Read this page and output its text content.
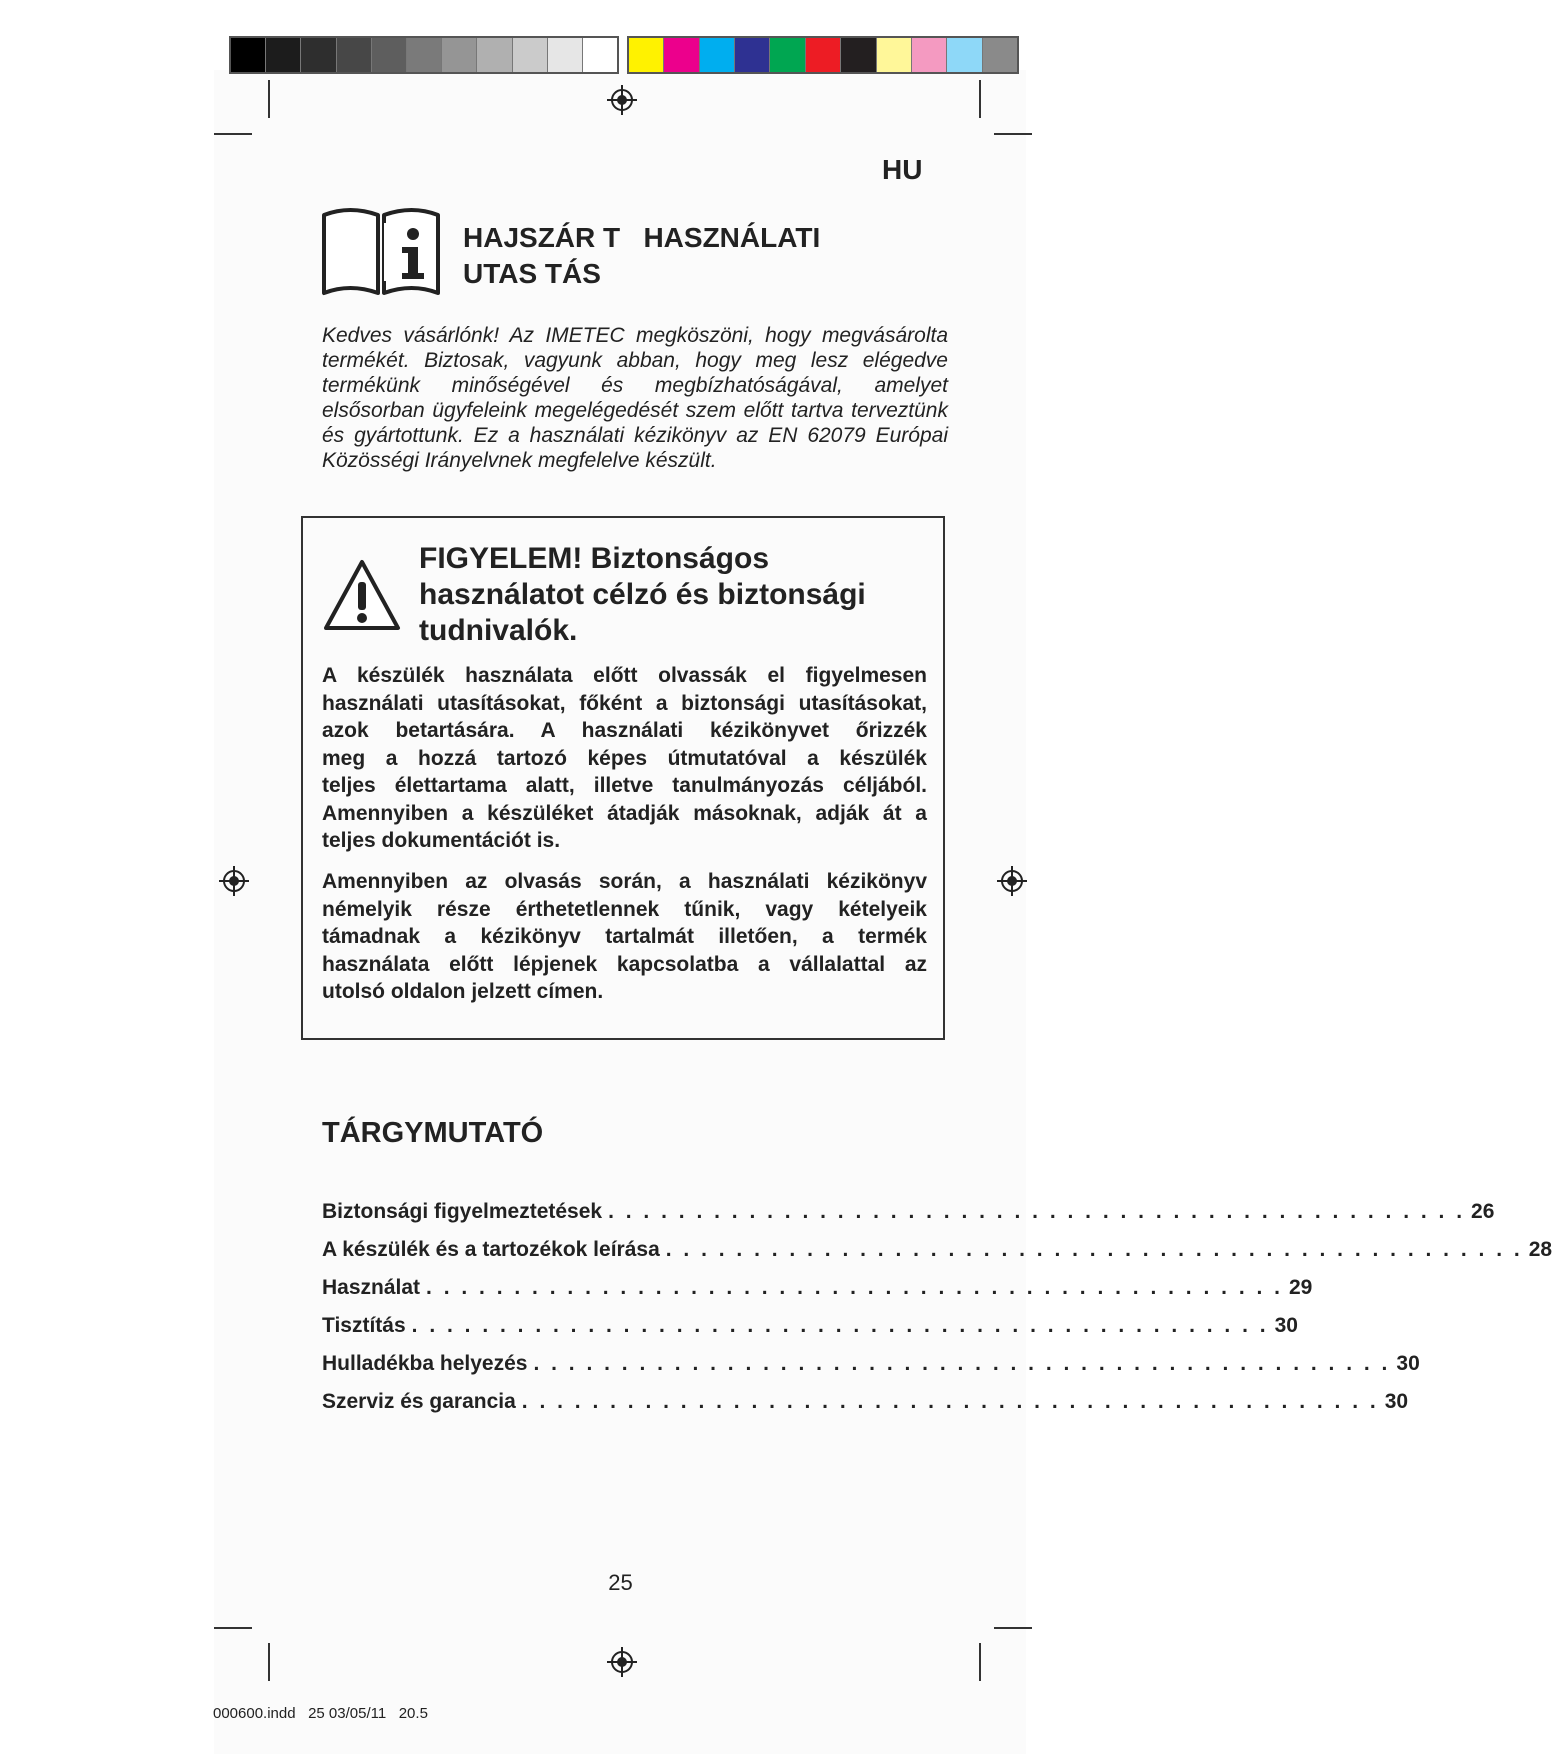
HU
HAJSZÁR T   HASZNÁLATI
UTAS TÁS
Kedves vásárlónk! Az IMETEC megköszöni, hogy megvásárolta termékét. Biztosak, vagyunk abban, hogy meg lesz elégedve termékünk minőségével és megbízhatóságával, amelyet elsősorban ügyfeleink megelégedését szem előtt tartva terveztünk és gyártottunk. Ez a használati kézikönyv az EN 62079 Európai Közösségi Irányelvnek megfelelve készült.
FIGYELEM! Biztonságos
használatot célzó és biztonsági
tudnivalók.
A készülék használata előtt olvassák el figyelmesen
használati utasításokat, főként a biztonsági utasításokat,
azok betartására. A használati kézikönyvet őrizzék
meg a hozzá tartozó képes útmutatóval a készülék
teljes élettartama alatt, illetve tanulmányozás céljából.
Amennyiben a készüléket átadják másoknak, adják át a
teljes dokumentációt is.
Amennyiben az olvasás során, a használati kézikönyv
némelyik része érthetetlennek tűnik, vagy kételyeik
támadnak a kézikönyv tartalmát illetően, a termék
használata előtt lépjenek kapcsolatba a vállalattal az
utolsó oldalon jelzett címen.
TÁRGYMUTATÓ
Biztonsági figyelmeztetések . . . . . . . . . . . . . . . . . . . . . . . . . . . . . . . . . . . . . . . . . . . . . . . . . 26
A készülék és a tartozékok leírása . . . . . . . . . . . . . . . . . . . . . . . . . . . . . . . . . . . . . . . . . . . . . . . . . 28
Használat . . . . . . . . . . . . . . . . . . . . . . . . . . . . . . . . . . . . . . . . . . . . . . . . . 29
Tisztítás . . . . . . . . . . . . . . . . . . . . . . . . . . . . . . . . . . . . . . . . . . . . . . . . . 30
Hulladékba helyezés . . . . . . . . . . . . . . . . . . . . . . . . . . . . . . . . . . . . . . . . . . . . . . . . . 30
Szerviz és garancia . . . . . . . . . . . . . . . . . . . . . . . . . . . . . . . . . . . . . . . . . . . . . . . . . 30
25
000600.indd   25 03/05/11   20.5
